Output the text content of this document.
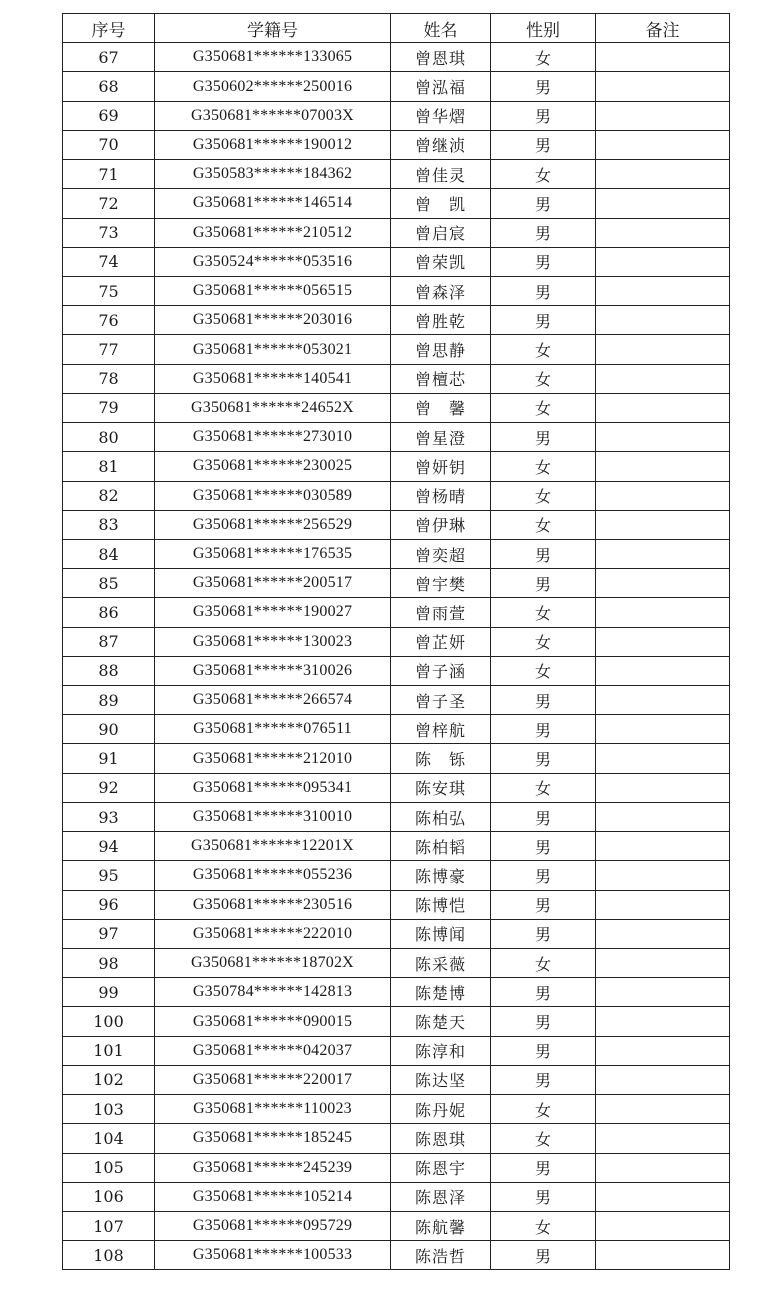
序号	学籍号	姓名	性别	备注
67	G350681******133065	曾恩琪	女	
68	G350602******250016	曾泓福	男	
69	G350681******07003X	曾华熠	男	
70	G350681******190012	曾继浈	男	
71	G350583******184362	曾佳灵	女	
72	G350681******146514	曾　凯	男	
73	G350681******210512	曾启宸	男	
74	G350524******053516	曾荣凯	男	
75	G350681******056515	曾森泽	男	
76	G350681******203016	曾胜乾	男	
77	G350681******053021	曾思静	女	
78	G350681******140541	曾檀芯	女	
79	G350681******24652X	曾　馨	女	
80	G350681******273010	曾星澄	男	
81	G350681******230025	曾妍钥	女	
82	G350681******030589	曾杨晴	女	
83	G350681******256529	曾伊琳	女	
84	G350681******176535	曾奕超	男	
85	G350681******200517	曾宇樊	男	
86	G350681******190027	曾雨萱	女	
87	G350681******130023	曾芷妍	女	
88	G350681******310026	曾子涵	女	
89	G350681******266574	曾子圣	男	
90	G350681******076511	曾梓航	男	
91	G350681******212010	陈　铄	男	
92	G350681******095341	陈安琪	女	
93	G350681******310010	陈柏弘	男	
94	G350681******12201X	陈柏韬	男	
95	G350681******055236	陈博豪	男	
96	G350681******230516	陈博恺	男	
97	G350681******222010	陈博闻	男	
98	G350681******18702X	陈采薇	女	
99	G350784******142813	陈楚博	男	
100	G350681******090015	陈楚天	男	
101	G350681******042037	陈淳和	男	
102	G350681******220017	陈达坚	男	
103	G350681******110023	陈丹妮	女	
104	G350681******185245	陈恩琪	女	
105	G350681******245239	陈恩宇	男	
106	G350681******105214	陈恩泽	男	
107	G350681******095729	陈航馨	女	
108	G350681******100533	陈浩哲	男	
